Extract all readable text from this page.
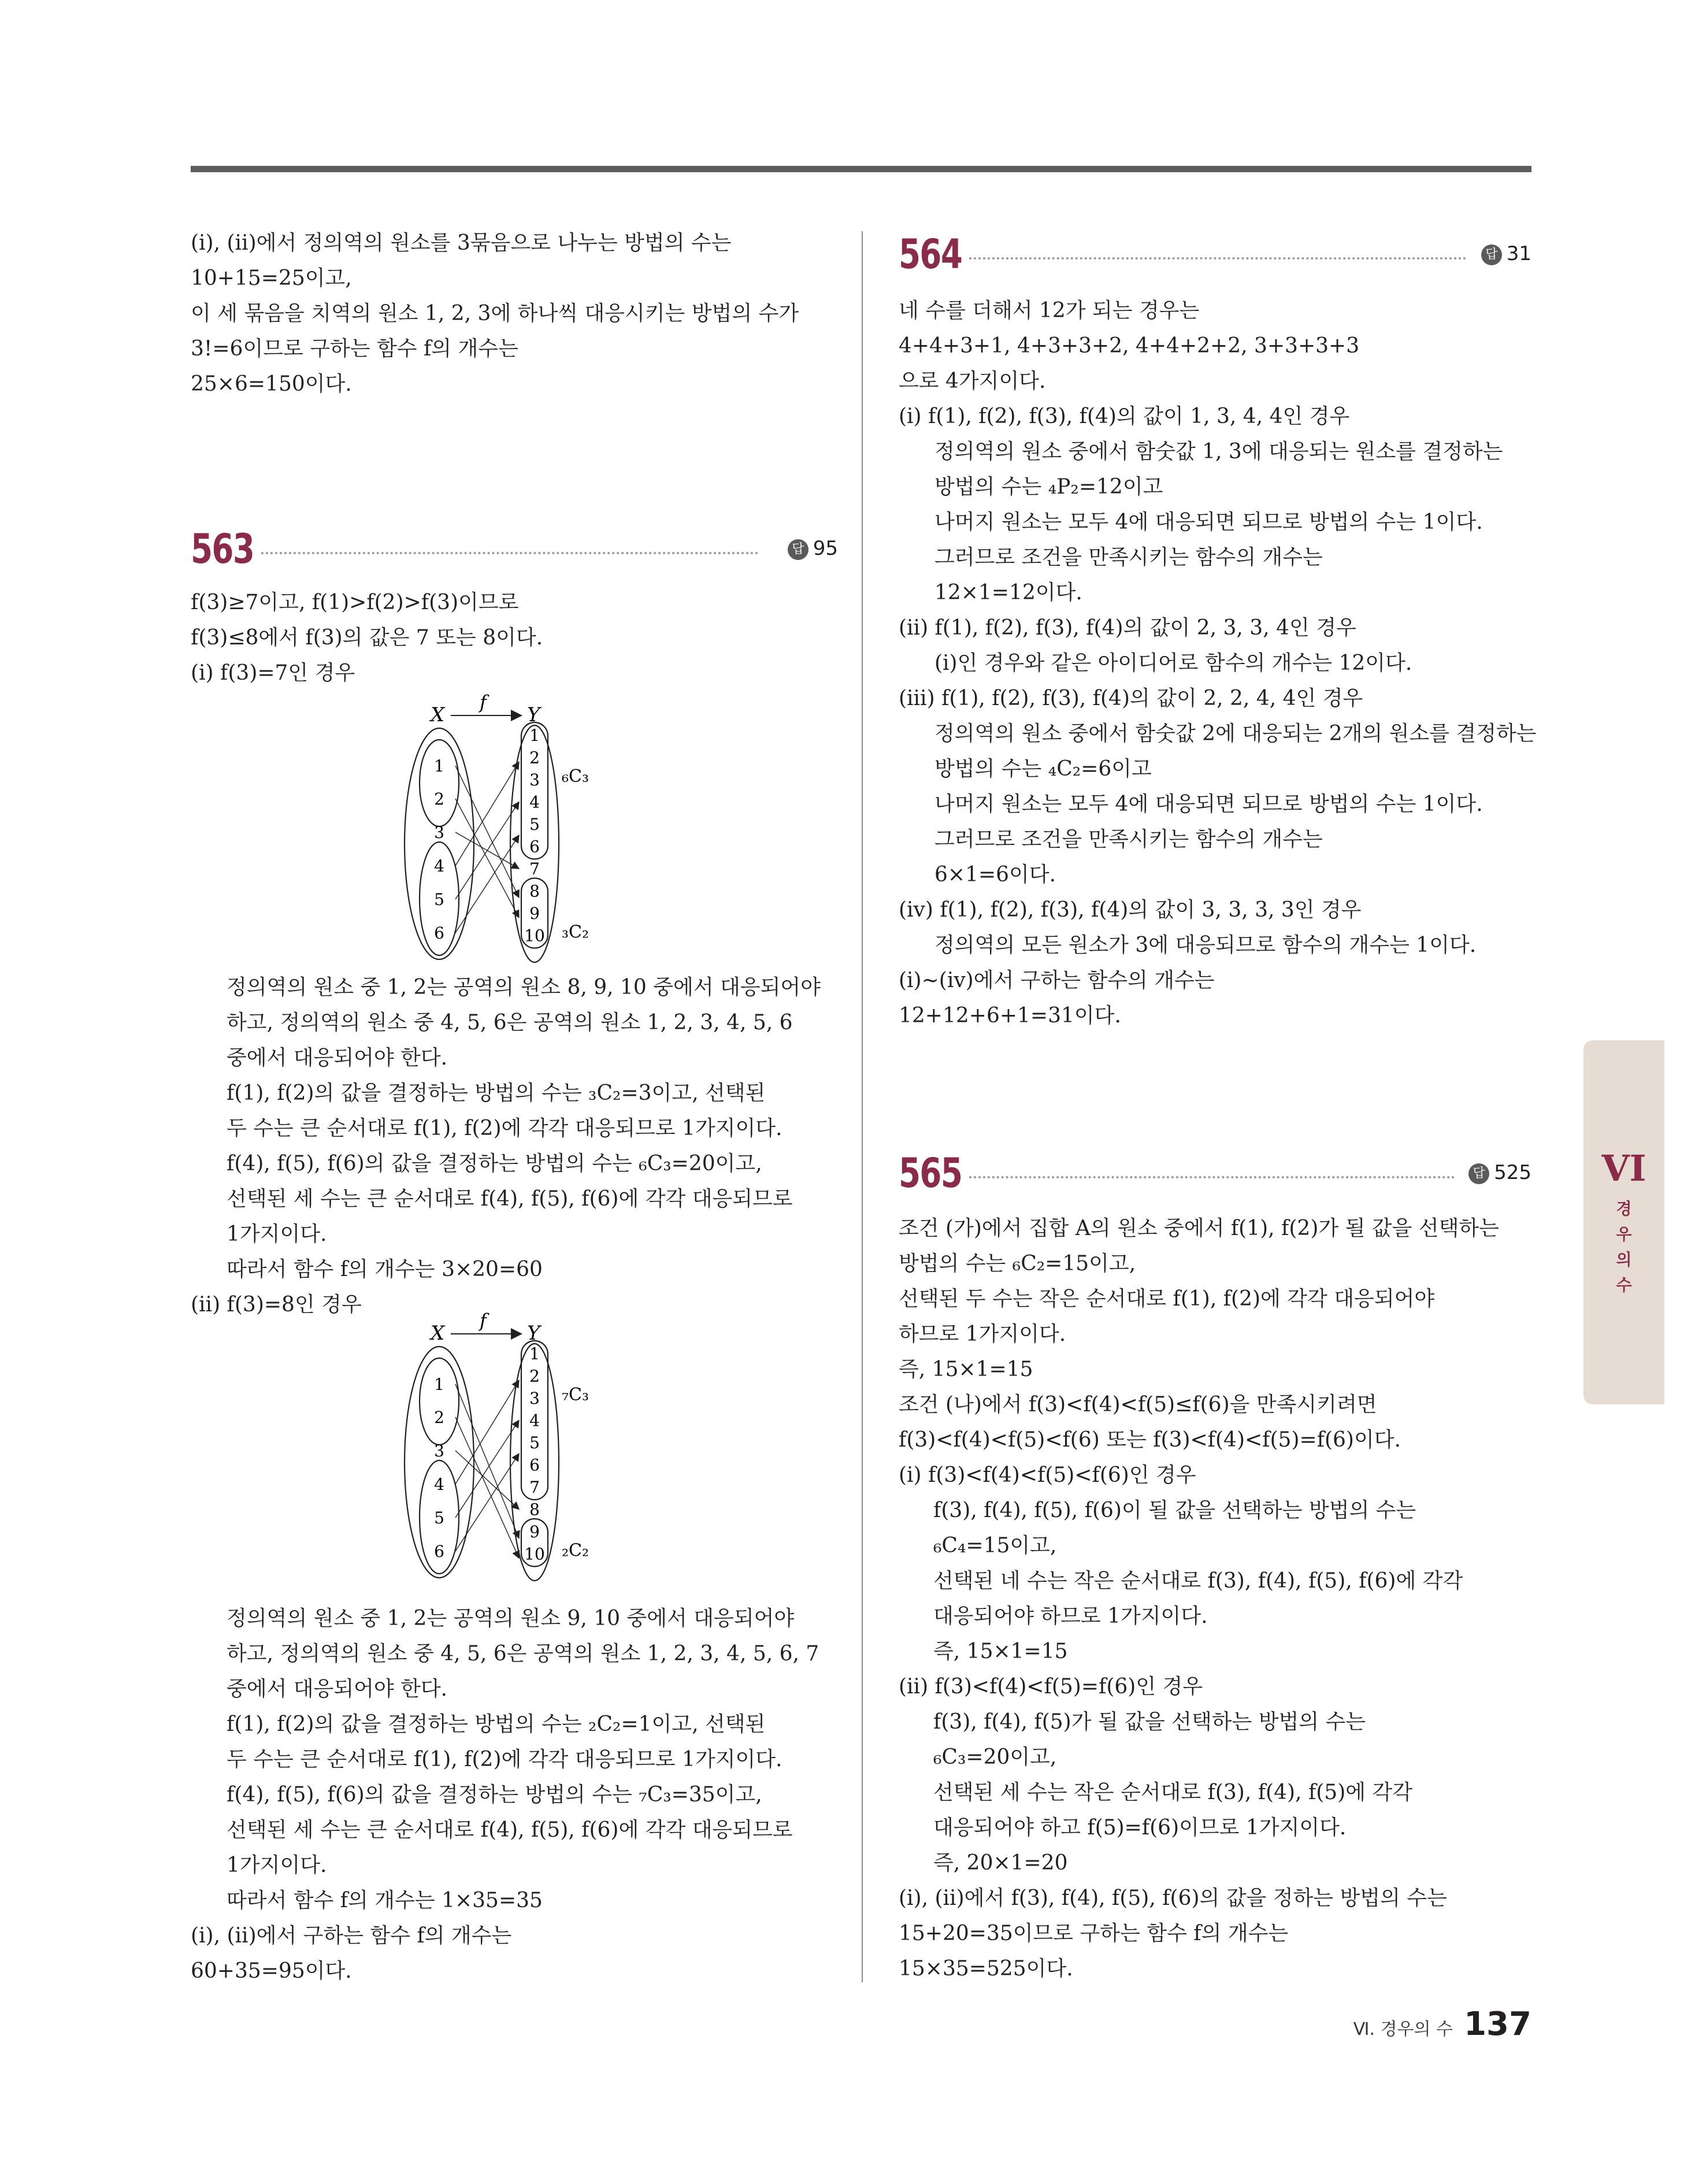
(ⅰ), (ⅱ)에서 정의역의 원소를 3묶음으로 나누는 방법의 수는
10+15=25이고,
이 세 묶음을 치역의 원소 1, 2, 3에 하나씩 대응시키는 방법의 수가
3!=6이므로 구하는 함수 f의 개수는
25×6=150이다.
563	답 95
f(3)≥7이고, f(1)>f(2)>f(3)이므로
f(3)≤8에서 f(3)의 값은 7 또는 8이다.
(ⅰ) f(3)=7인 경우
X	Y
f
1
2
3
4
5
6
1
2
3
4
5
6
7
8
9
10
₆C₃
₃C₂
정의역의 원소 중 1, 2는 공역의 원소 8, 9, 10 중에서 대응되어야
하고, 정의역의 원소 중 4, 5, 6은 공역의 원소 1, 2, 3, 4, 5, 6
중에서 대응되어야 한다.
f(1), f(2)의 값을 결정하는 방법의 수는 ₃C₂=3이고, 선택된
두 수는 큰 순서대로 f(1), f(2)에 각각 대응되므로 1가지이다.
f(4), f(5), f(6)의 값을 결정하는 방법의 수는 ₆C₃=20이고,
선택된 세 수는 큰 순서대로 f(4), f(5), f(6)에 각각 대응되므로
1가지이다.
따라서 함수 f의 개수는 3×20=60
(ⅱ) f(3)=8인 경우
X	Y
f
1
2
3
4
5
6
1
2
3
4
5
6
7
8
9
10
₇C₃
₂C₂
정의역의 원소 중 1, 2는 공역의 원소 9, 10 중에서 대응되어야
하고, 정의역의 원소 중 4, 5, 6은 공역의 원소 1, 2, 3, 4, 5, 6, 7
중에서 대응되어야 한다.
f(1), f(2)의 값을 결정하는 방법의 수는 ₂C₂=1이고, 선택된
두 수는 큰 순서대로 f(1), f(2)에 각각 대응되므로 1가지이다.
f(4), f(5), f(6)의 값을 결정하는 방법의 수는 ₇C₃=35이고,
선택된 세 수는 큰 순서대로 f(4), f(5), f(6)에 각각 대응되므로
1가지이다.
따라서 함수 f의 개수는 1×35=35
(ⅰ), (ⅱ)에서 구하는 함수 f의 개수는
60+35=95이다.
564	답 31
네 수를 더해서 12가 되는 경우는
4+4+3+1, 4+3+3+2, 4+4+2+2, 3+3+3+3
으로 4가지이다.
(ⅰ) f(1), f(2), f(3), f(4)의 값이 1, 3, 4, 4인 경우
정의역의 원소 중에서 함숫값 1, 3에 대응되는 원소를 결정하는
방법의 수는 ₄P₂=12이고
나머지 원소는 모두 4에 대응되면 되므로 방법의 수는 1이다.
그러므로 조건을 만족시키는 함수의 개수는
12×1=12이다.
(ⅱ) f(1), f(2), f(3), f(4)의 값이 2, 3, 3, 4인 경우
(ⅰ)인 경우와 같은 아이디어로 함수의 개수는 12이다.
(ⅲ) f(1), f(2), f(3), f(4)의 값이 2, 2, 4, 4인 경우
정의역의 원소 중에서 함숫값 2에 대응되는 2개의 원소를 결정하는
방법의 수는 ₄C₂=6이고
나머지 원소는 모두 4에 대응되면 되므로 방법의 수는 1이다.
그러므로 조건을 만족시키는 함수의 개수는
6×1=6이다.
(ⅳ) f(1), f(2), f(3), f(4)의 값이 3, 3, 3, 3인 경우
정의역의 모든 원소가 3에 대응되므로 함수의 개수는 1이다.
(ⅰ)~(ⅳ)에서 구하는 함수의 개수는
12+12+6+1=31이다.
565	답 525
조건 (가)에서 집합 A의 원소 중에서 f(1), f(2)가 될 값을 선택하는
방법의 수는 ₆C₂=15이고,
선택된 두 수는 작은 순서대로 f(1), f(2)에 각각 대응되어야
하므로 1가지이다.
즉, 15×1=15
조건 (나)에서 f(3)<f(4)<f(5)≤f(6)을 만족시키려면
f(3)<f(4)<f(5)<f(6) 또는 f(3)<f(4)<f(5)=f(6)이다.
(ⅰ) f(3)<f(4)<f(5)<f(6)인 경우
f(3), f(4), f(5), f(6)이 될 값을 선택하는 방법의 수는
₆C₄=15이고,
선택된 네 수는 작은 순서대로 f(3), f(4), f(5), f(6)에 각각
대응되어야 하므로 1가지이다.
즉, 15×1=15
(ⅱ) f(3)<f(4)<f(5)=f(6)인 경우
f(3), f(4), f(5)가 될 값을 선택하는 방법의 수는
₆C₃=20이고,
선택된 세 수는 작은 순서대로 f(3), f(4), f(5)에 각각
대응되어야 하고 f(5)=f(6)이므로 1가지이다.
즉, 20×1=20
(ⅰ), (ⅱ)에서 f(3), f(4), f(5), f(6)의 값을 정하는 방법의 수는
15+20=35이므로 구하는 함수 f의 개수는
15×35=525이다.
VI
경
우
의
수
Ⅵ. 경우의 수 137
